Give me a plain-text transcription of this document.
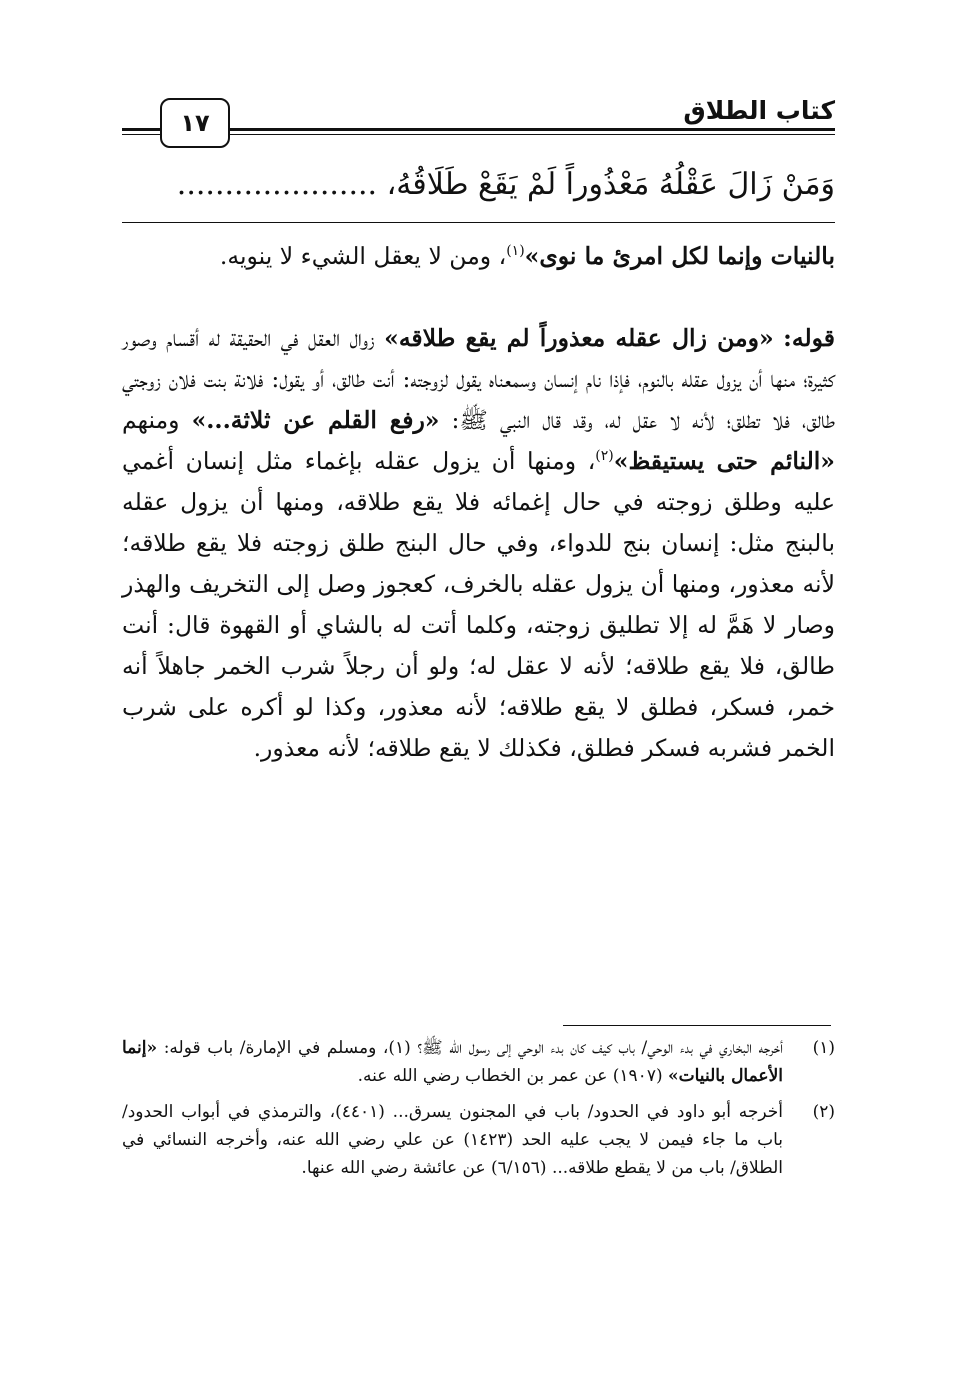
كتاب الطلاق
١٧
وَمَنْ زَالَ عَقْلُهُ مَعْذُوراً لَمْ يَقَعْ طَلَاقُهُ، .....................

بالنيات وإنما لكل امرئ ما نوى»$^{(١)}$، ومن لا يعقل الشيء لا ينويه.

قوله: «ومن زال عقله معذوراً لم يقع طلاقه» زوال العقل في الحقيقة له أقسام وصور كثيرة؛ منها أن يزول عقله بالنوم، فإذا نام إنسان وسمعناه يقول لزوجته: أنت طالق، أو يقول: فلانة بنت فلان زوجتي طالق، فلا تطلق؛ لأنه لا عقل له، وقد قال النبي ﷺ: «رفع القلم عن ثلاثة...» ومنهم «النائم حتى يستيقظ»$^{(٢)}$، ومنها أن يزول عقله بإغماء مثل إنسان أغمي عليه وطلق زوجته في حال إغمائه فلا يقع طلاقه، ومنها أن يزول عقله بالبنج مثل: إنسان بنج للدواء، وفي حال البنج طلق زوجته فلا يقع طلاقه؛ لأنه معذور، ومنها أن يزول عقله بالخرف، كعجوز وصل إلى التخريف والهذر وصار لا هَمَّ له إلا تطليق زوجته، وكلما أتت له بالشاي أو القهوة قال: أنت طالق، فلا يقع طلاقه؛ لأنه لا عقل له؛ ولو أن رجلاً شرب الخمر جاهلاً أنه خمر، فسكر، فطلق لا يقع طلاقه؛ لأنه معذور، وكذا لو أكره على شرب الخمر فشربه فسكر فطلق، فكذلك لا يقع طلاقه؛ لأنه معذور.

(١)
أخرجه البخاري في بدء الوحي/ باب كيف كان بدء الوحي إلى رسول الله ﷺ؟ (١)، ومسلم في الإمارة/ باب قوله: «إنما الأعمال بالنيات» (١٩٠٧) عن عمر بن الخطاب رضي الله عنه.
(٢)
أخرجه أبو داود في الحدود/ باب في المجنون يسرق... (٤٤٠١)، والترمذي في أبواب الحدود/ باب ما جاء فيمن لا يجب عليه الحد (١٤٢٣) عن علي رضي الله عنه، وأخرجه النسائي في الطلاق/ باب من لا يقطع طلاقه... (٦/١٥٦) عن عائشة رضي الله عنها.
